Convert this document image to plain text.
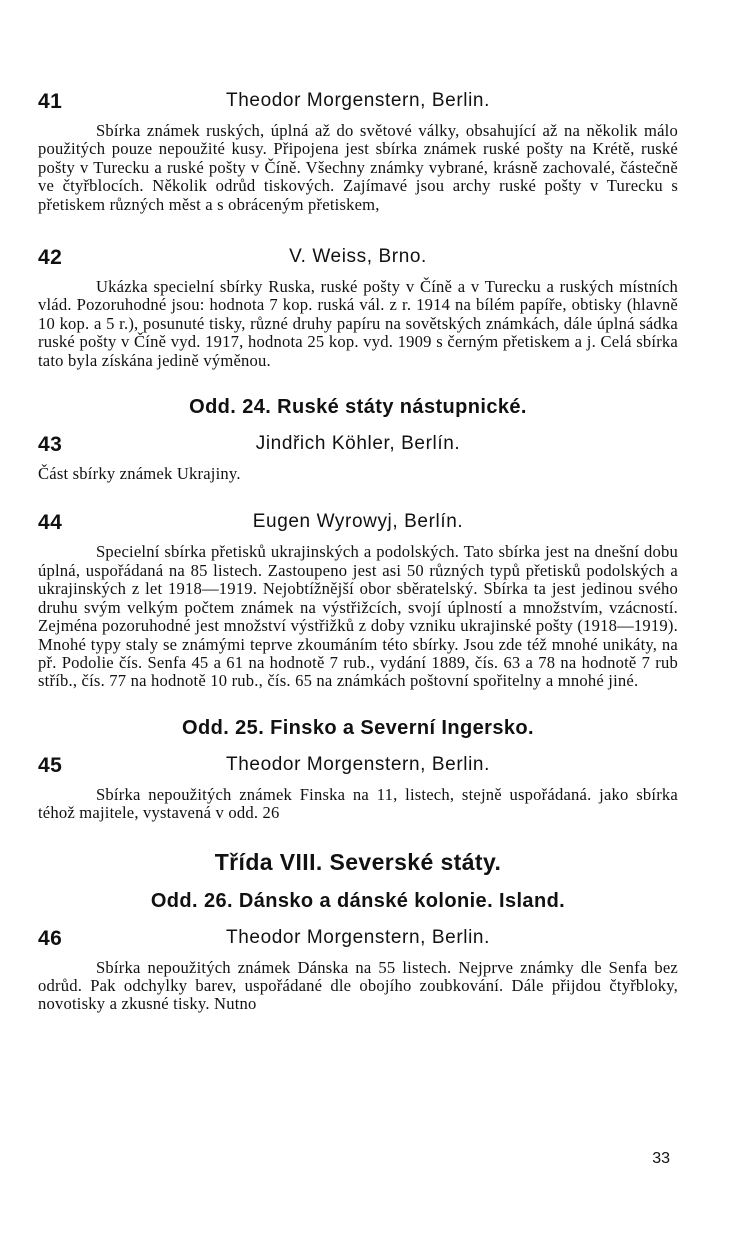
41	Theodor Morgenstern, Berlin.

Sbírka známek ruských, úplná až do světové války, obsahující až na několik málo použitých pouze nepoužité kusy. Připojena jest sbírka známek ruské pošty na Krétě, ruské pošty v Turecku a ruské pošty v Číně. Všechny známky vybrané, krásně zachovalé, částečně ve čtyřblocích. Několik odrůd tiskových. Zajímavé jsou archy ruské pošty v Turecku s přetiskem různých měst a s obráceným přetiskem,

42	V. Weiss, Brno.

Ukázka specielní sbírky Ruska, ruské pošty v Číně a v Turecku a ruských místních vlád. Pozoruhodné jsou: hodnota 7 kop. ruská vál. z r. 1914 na bílém papíře, obtisky (hlavně 10 kop. a 5 r.), posunuté tisky, různé druhy papíru na sovětských známkách, dále úplná sádka ruské pošty v Číně vyd. 1917, hodnota 25 kop. vyd. 1909 s černým přetiskem a j. Celá sbírka tato byla získána jedině výměnou.

Odd. 24. Ruské státy nástupnické.
43	Jindřich Köhler, Berlín.

Část sbírky známek Ukrajiny.

44	Eugen Wyrowyj, Berlín.

Specielní sbírka přetisků ukrajinských a podolských. Tato sbírka jest na dnešní dobu úplná, uspořádaná na 85 listech. Zastoupeno jest asi 50 různých typů přetisků podolských a ukrajinských z let 1918—1919. Nejobtížnější obor sběratelský. Sbírka ta jest jedinou svého druhu svým velkým počtem známek na výstřižcích, svojí úplností a množstvím, vzácností. Zejména pozoruhodné jest množství výstřižků z doby vzniku ukrajinské pošty (1918—1919). Mnohé typy staly se známými teprve zkoumáním této sbírky. Jsou zde též mnohé unikáty, na př. Podolie čís. Senfa 45 a 61 na hodnotě 7 rub., vydání 1889, čís. 63 a 78 na hodnotě 7 rub stříb., čís. 77 na hodnotě 10 rub., čís. 65 na známkách poštovní spořitelny a mnohé jiné.

Odd. 25. Finsko a Severní Ingersko.
45	Theodor Morgenstern, Berlin.

Sbírka nepoužitých známek Finska na 11, listech, stejně uspořádaná. jako sbírka téhož majitele, vystavená v odd. 26

Třída VIII. Severské státy.
Odd. 26. Dánsko a dánské kolonie. Island.
46	Theodor Morgenstern, Berlin.

Sbírka nepoužitých známek Dánska na 55 listech. Nejprve známky dle Senfa bez odrůd. Pak odchylky barev, uspořádané dle obojího zoubkování. Dále přijdou čtyřbloky, novotisky a zkusné tisky. Nutno

33
